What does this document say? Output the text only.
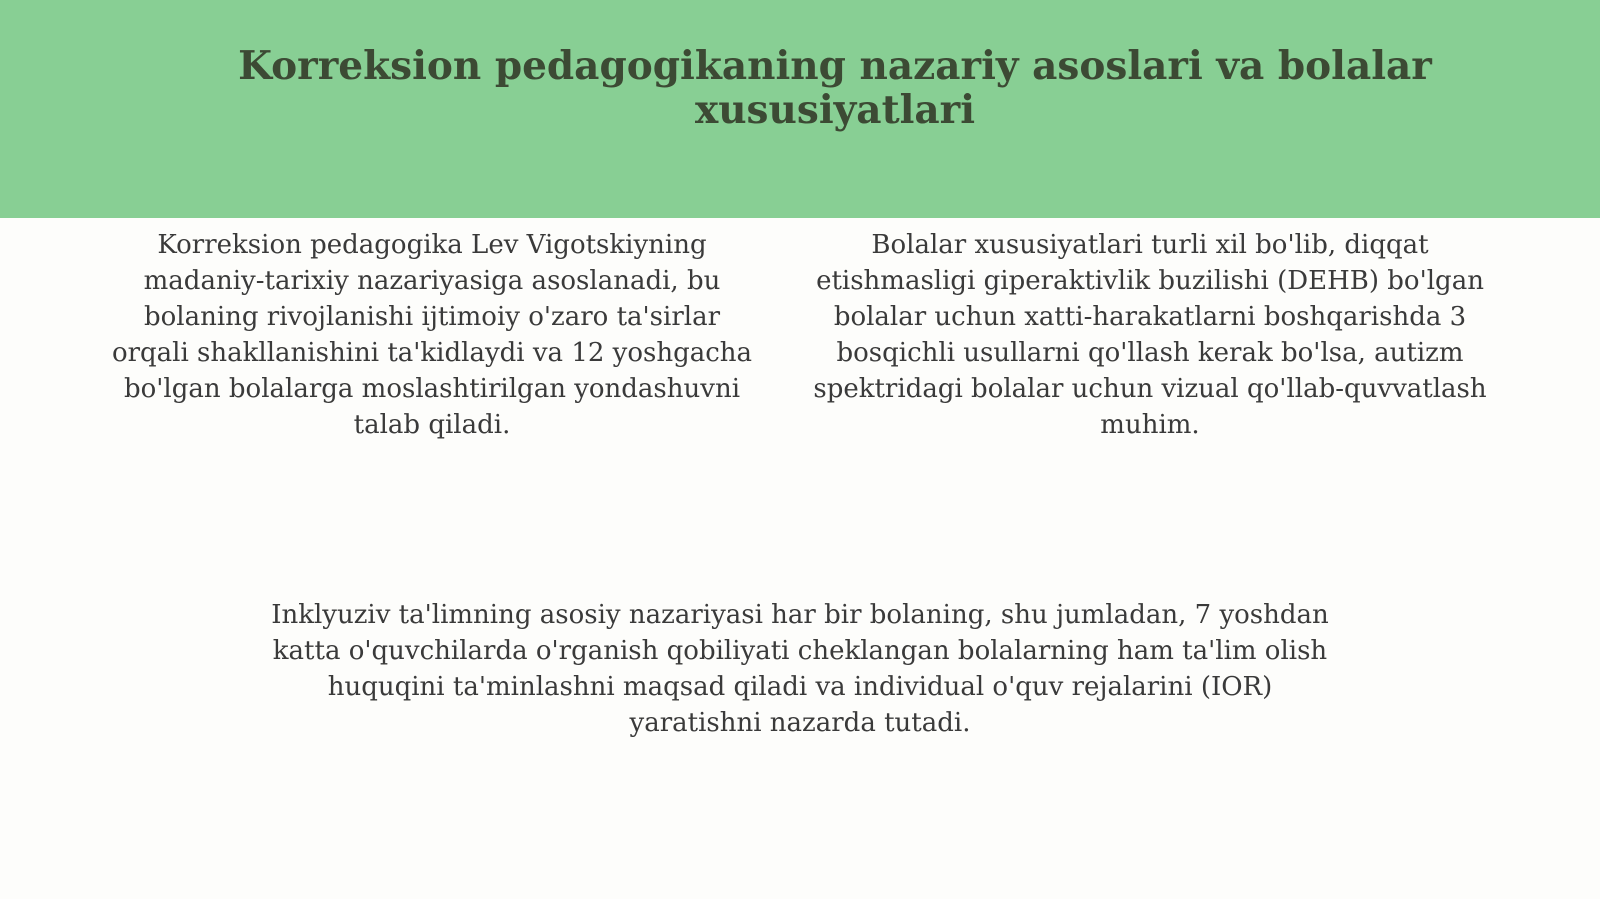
Korreksion pedagogikaning nazariy asoslari va bolalar xususiyatlari

Korreksion pedagogika Lev Vigotskiyning madaniy-tarixiy nazariyasiga asoslanadi, bu bolaning rivojlanishi ijtimoiy o'zaro ta'sirlar orqali shakllanishini ta'kidlaydi va 12 yoshgacha bo'lgan bolalarga moslashtirilgan yondashuvni talab qiladi.

Bolalar xususiyatlari turli xil bo'lib, diqqat etishmasligi giperaktivlik buzilishi (DEHB) bo'lgan bolalar uchun xatti-harakatlarni boshqarishda 3 bosqichli usullarni qo'llash kerak bo'lsa, autizm spektridagi bolalar uchun vizual qo'llab-quvvatlash muhim.

Inklyuziv ta'limning asosiy nazariyasi har bir bolaning, shu jumladan, 7 yoshdan katta o'quvchilarda o'rganish qobiliyati cheklangan bolalarning ham ta'lim olish huquqini ta'minlashni maqsad qiladi va individual o'quv rejalarini (IOR) yaratishni nazarda tutadi.
